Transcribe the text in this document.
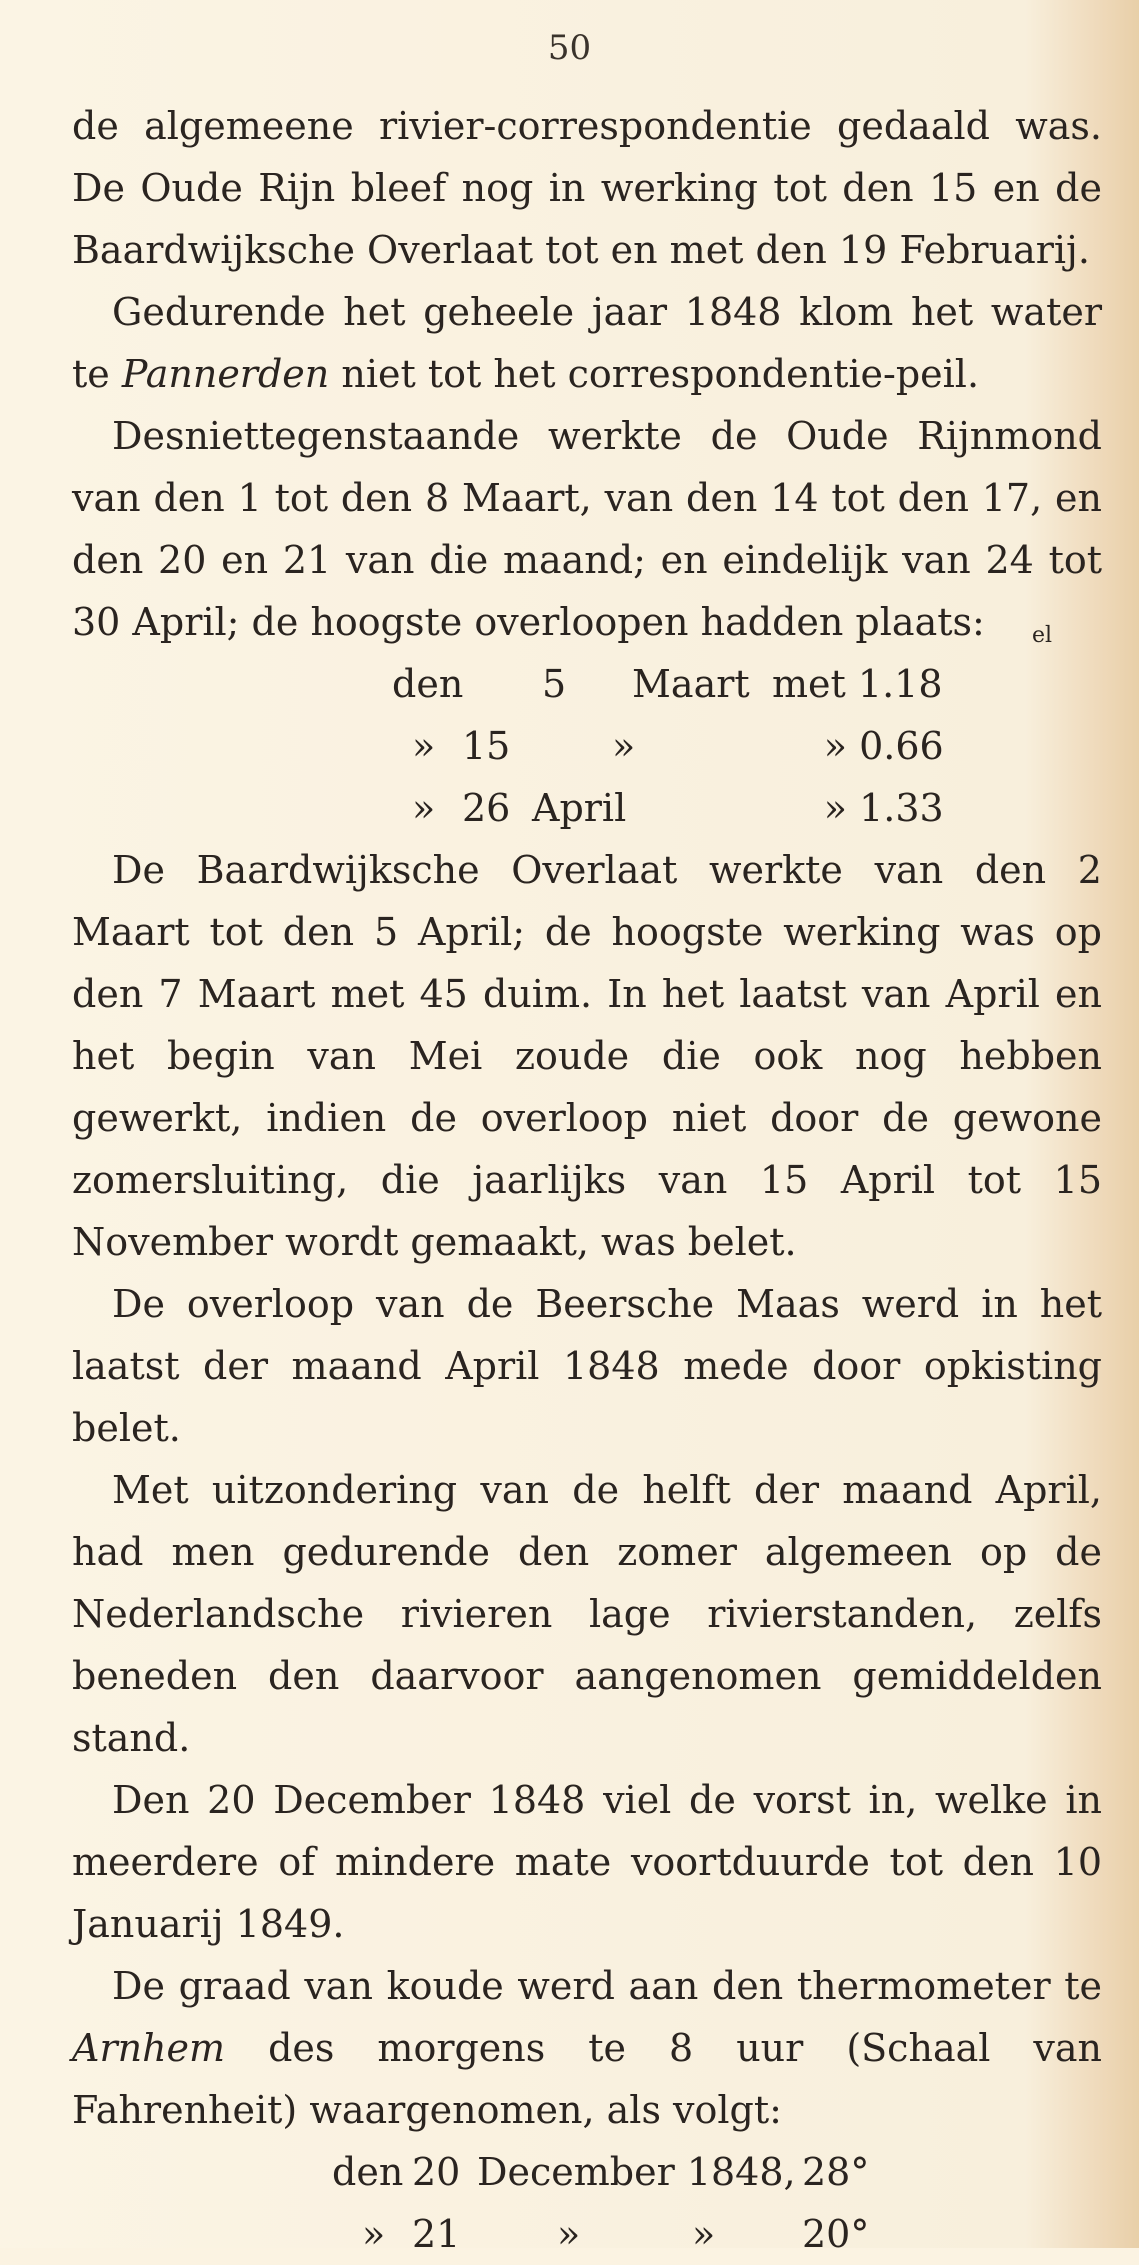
50

de algemeene rivier-correspondentie gedaald was. De Oude Rijn bleef nog in werking tot den 15 en de Baardwijksche Overlaat tot en met den 19 Februarij.

Gedurende het geheele jaar 1848 klom het water te Pannerden niet tot het correspondentie-peil.

Desniettegenstaande werkte de Oude Rijnmond van den 1 tot den 8 Maart, van den 14 tot den 17, en den 20 en 21 van die maand; en eindelijk van 24 tot 30 April; de hoogste overloopen hadden plaats:	el
den 5 Maart met 1.18
» 15	»	» 0.66
» 26 April	» 1.33

De Baardwijksche Overlaat werkte van den 2 Maart tot den 5 April; de hoogste werking was op den 7 Maart met 45 duim. In het laatst van April en het begin van Mei zoude die ook nog hebben gewerkt, indien de overloop niet door de gewone zomersluiting, die jaarlijks van 15 April tot 15 November wordt gemaakt, was belet.

De overloop van de Beersche Maas werd in het laatst der maand April 1848 mede door opkisting belet.

Met uitzondering van de helft der maand April, had men gedurende den zomer algemeen op de Nederlandsche rivieren lage rivierstanden, zelfs beneden den daarvoor aangenomen gemiddelden stand.

Den 20 December 1848 viel de vorst in, welke in meerdere of mindere mate voortduurde tot den 10 Januarij 1849.

De graad van koude werd aan den thermometer te Arnhem des morgens te 8 uur (Schaal van Fahrenheit) waargenomen, als volgt:

den 20 December 1848, 28°
» 21	»	» 20°
